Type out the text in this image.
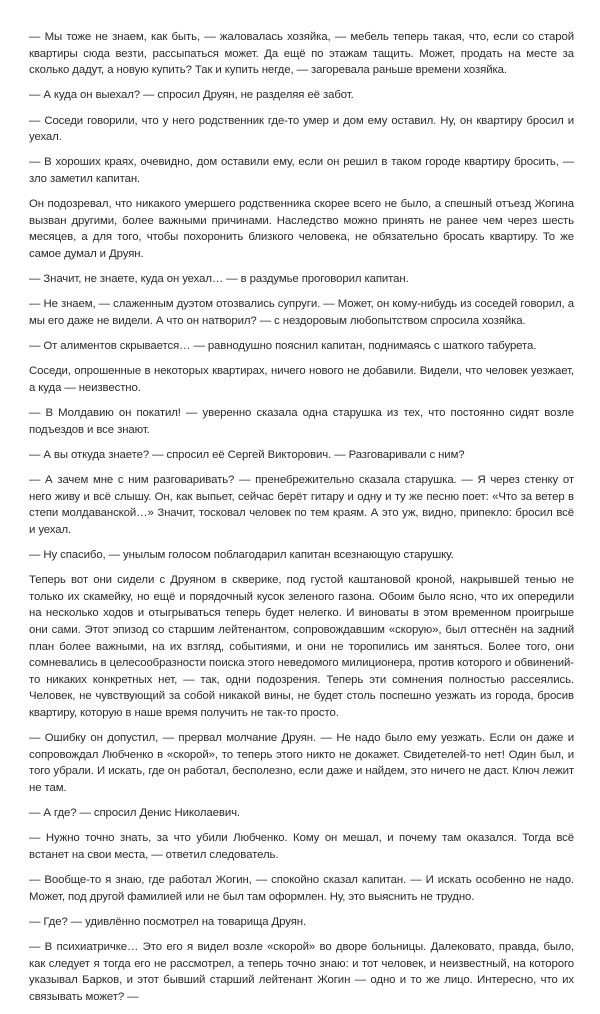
— Мы тоже не знаем, как быть, — жаловалась хозяйка, — мебель теперь такая, что, если со старой квартиры сюда везти, рассыпаться может. Да ещё по этажам тащить. Может, продать на месте за сколько дадут, а новую купить? Так и купить негде, — загоревала раньше времени хозяйка.

— А куда он выехал? — спросил Друян, не разделяя её забот.

— Соседи говорили, что у него родственник где-то умер и дом ему оставил. Ну, он квартиру бросил и уехал.

— В хороших краях, очевидно, дом оставили ему, если он решил в таком городе квартиру бросить, — зло заметил капитан.

Он подозревал, что никакого умершего родственника скорее всего не было, а спешный отъезд Жогина вызван другими, более важными причинами. Наследство можно принять не ранее чем через шесть месяцев, а для того, чтобы похоронить близкого человека, не обязательно бросать квартиру. То же самое думал и Друян.

— Значит, не знаете, куда он уехал… — в раздумье проговорил капитан.

— Не знаем, — слаженным дуэтом отозвались супруги. — Может, он кому-нибудь из соседей говорил, а мы его даже не видели. А что он натворил? — с нездоровым любопытством спросила хозяйка.

— От алиментов скрывается… — равнодушно пояснил капитан, поднимаясь с шаткого табурета.

Соседи, опрошенные в некоторых квартирах, ничего нового не добавили. Видели, что человек уезжает, а куда — неизвестно.

— В Молдавию он покатил! — уверенно сказала одна старушка из тех, что постоянно сидят возле подъездов и все знают.

— А вы откуда знаете? — спросил её Сергей Викторович. — Разговаривали с ним?

— А зачем мне с ним разговаривать? — пренебрежительно сказала старушка. — Я через стенку от него живу и всё слышу. Он, как выпьет, сейчас берёт гитару и одну и ту же песню поет: «Что за ветер в степи молдаванской…» Значит, тосковал человек по тем краям. А это уж, видно, припекло: бросил всё и уехал.

— Ну спасибо, — унылым голосом поблагодарил капитан всезнающую старушку.

Теперь вот они сидели с Друяном в скверике, под густой каштановой кроной, накрывшей тенью не только их скамейку, но ещё и порядочный кусок зеленого газона. Обоим было ясно, что их опередили на несколько ходов и отыгрываться теперь будет нелегко. И виноваты в этом временном проигрыше они сами. Этот эпизод со старшим лейтенантом, сопровождавшим «скорую», был оттеснён на задний план более важными, на их взгляд, событиями, и они не торопились им заняться. Более того, они сомневались в целесообразности поиска этого неведомого милиционера, против которого и обвинений-то никаких конкретных нет, — так, одни подозрения. Теперь эти сомнения полностью рассеялись. Человек, не чувствующий за собой никакой вины, не будет столь поспешно уезжать из города, бросив квартиру, которую в наше время получить не так-то просто.

— Ошибку он допустил, — прервал молчание Друян. — Не надо было ему уезжать. Если он даже и сопровождал Любченко в «скорой», то теперь этого никто не докажет. Свидетелей-то нет! Один был, и того убрали. И искать, где он работал, бесполезно, если даже и найдем, это ничего не даст. Ключ лежит не там.

— А где? — спросил Денис Николаевич.

— Нужно точно знать, за что убили Любченко. Кому он мешал, и почему там оказался. Тогда всё встанет на свои места, — ответил следователь.

— Вообще-то я знаю, где работал Жогин, — спокойно сказал капитан. — И искать особенно не надо. Может, под другой фамилией или не был там оформлен. Ну, это выяснить не трудно.

— Где? — удивлённо посмотрел на товарища Друян.

— В психиатричке… Это его я видел возле «скорой» во дворе больницы. Далековато, правда, было, как следует я тогда его не рассмотрел, а теперь точно знаю: и тот человек, и неизвестный, на которого указывал Барков, и этот бывший старший лейтенант Жогин — одно и то же лицо. Интересно, что их связывать может? —
